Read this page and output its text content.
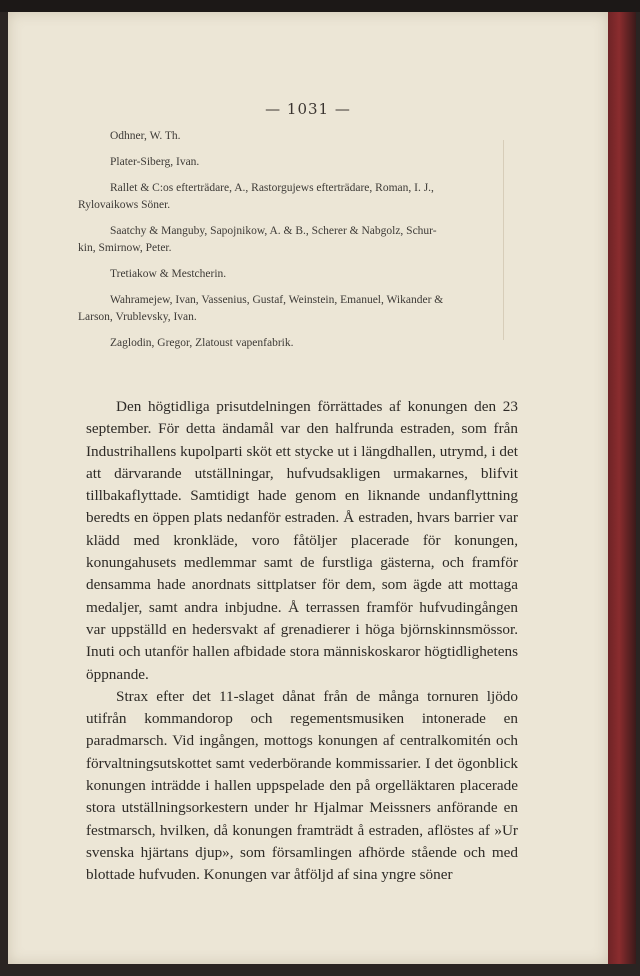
— 1031 —
Odhner, W. Th.
Plater-Siberg, Ivan.
Rallet & C:os efterträdare, A., Rastorgujews efterträdare, Roman, I. J.,
Rylovaikows Söner.
Saatchy & Manguby, Sapojnikow, A. & B., Scherer & Nabgolz, Schur-
kin, Smirnow, Peter.
Tretiakow & Mestcherin.
Wahramejew, Ivan, Vassenius, Gustaf, Weinstein, Emanuel, Wikander &
Larson, Vrublevsky, Ivan.
Zaglodin, Gregor, Zlatoust vapenfabrik.

Den högtidliga prisutdelningen förrättades af konungen den 23 september. För detta ändamål var den halfrunda estraden, som från Industrihallens kupolparti sköt ett stycke ut i längdhallen, utrymd, i det att därvarande utställningar, hufvudsakligen urmakarnes, blifvit tillbakaflyttade. Samtidigt hade genom en liknande undanflyttning beredts en öppen plats nedanför estraden. Å estraden, hvars barrier var klädd med kronkläde, voro fåtöljer placerade för konungen, konungahusets medlemmar samt de furstliga gästerna, och framför densamma hade anordnats sittplatser för dem, som ägde att mottaga medaljer, samt andra inbjudne. Å terrassen framför hufvudingången var uppställd en hedersvakt af grenadierer i höga björnskinnsmössor. Inuti och utanför hallen afbidade stora människoskaror högtidlighetens öppnande.

Strax efter det 11-slaget dånat från de många tornuren ljödo utifrån kommandorop och regementsmusiken intonerade en paradmarsch. Vid ingången, mottogs konungen af centralkomitén och förvaltningsutskottet samt vederbörande kommissarier. I det ögonblick konungen inträdde i hallen uppspelade den på orgelläktaren placerade stora utställningsorkestern under hr Hjalmar Meissners anförande en festmarsch, hvilken, då konungen framträdt å estraden, aflöstes af »Ur svenska hjärtans djup», som församlingen afhörde stående och med blottade hufvuden. Konungen var åtföljd af sina yngre söner
